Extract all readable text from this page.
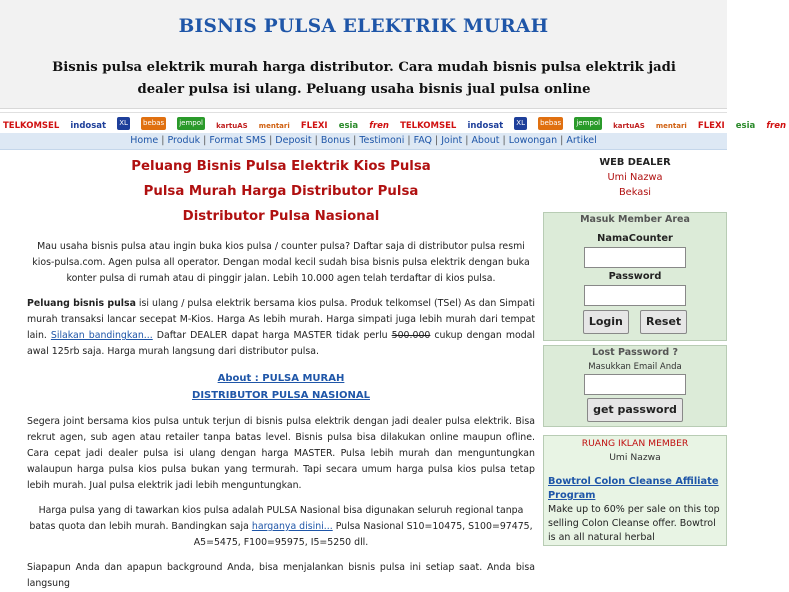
BISNIS PULSA ELEKTRIK MURAH
Bisnis pulsa elektrik murah harga distributor. Cara mudah bisnis pulsa elektrik jadi dealer pulsa isi ulang. Peluang usaha bisnis jual pulsa online
TELKOMSEL indosat XL bebas jempol kartuAS mentari FLEXI esia fren TELKOMSEL indosat XL bebas jempol kartuAS mentari FLEXI esia fren
Home | Produk | Format SMS | Deposit | Bonus | Testimoni | FAQ | Joint | About | Lowongan | Artikel
Peluang Bisnis Pulsa Elektrik Kios Pulsa
Pulsa Murah Harga Distributor Pulsa
Distributor Pulsa Nasional

Mau usaha bisnis pulsa atau ingin buka kios pulsa / counter pulsa? Daftar saja di distributor pulsa resmi kios-pulsa.com. Agen pulsa all operator. Dengan modal kecil sudah bisa bisnis pulsa elektrik dengan buka konter pulsa di rumah atau di pinggir jalan. Lebih 10.000 agen telah terdaftar di kios pulsa.

Peluang bisnis pulsa isi ulang / pulsa elektrik bersama kios pulsa. Produk telkomsel (TSel) As dan Simpati murah transaksi lancar secepat M-Kios. Harga As lebih murah. Harga simpati juga lebih murah dari tempat lain. Silakan bandingkan... Daftar DEALER dapat harga MASTER tidak perlu 500.000 cukup dengan modal awal 125rb saja. Harga murah langsung dari distributor pulsa.

About : PULSA MURAH
DISTRIBUTOR PULSA NASIONAL

Segera joint bersama kios pulsa untuk terjun di bisnis pulsa elektrik dengan jadi dealer pulsa elektrik. Bisa rekrut agen, sub agen atau retailer tanpa batas level. Bisnis pulsa bisa dilakukan online maupun ofline. Cara cepat jadi dealer pulsa isi ulang dengan harga MASTER. Pulsa lebih murah dan menguntungkan walaupun harga pulsa kios pulsa bukan yang termurah. Tapi secara umum harga pulsa kios pulsa tetap lebih murah. Jual pulsa elektrik jadi lebih menguntungkan.

Harga pulsa yang di tawarkan kios pulsa adalah PULSA Nasional bisa digunakan seluruh regional tanpa batas quota dan lebih murah. Bandingkan saja harganya disini... Pulsa Nasional S10=10475, S100=97475, A5=5475, F100=95975, I5=5250 dll.

Siapapun Anda dan apapun background Anda, bisa menjalankan bisnis pulsa ini setiap saat. Anda bisa langsung

WEB DEALER
Umi Nazwa
Bekasi
Masuk Member Area
NamaCounter
Password
Login Reset
Lost Password ?
Masukkan Email Anda
get password
RUANG IKLAN MEMBER
Umi Nazwa
Bowtrol Colon Cleanse Affiliate Program
Make up to 60% per sale on this top selling Colon Cleanse offer. Bowtrol is an all natural herbal
